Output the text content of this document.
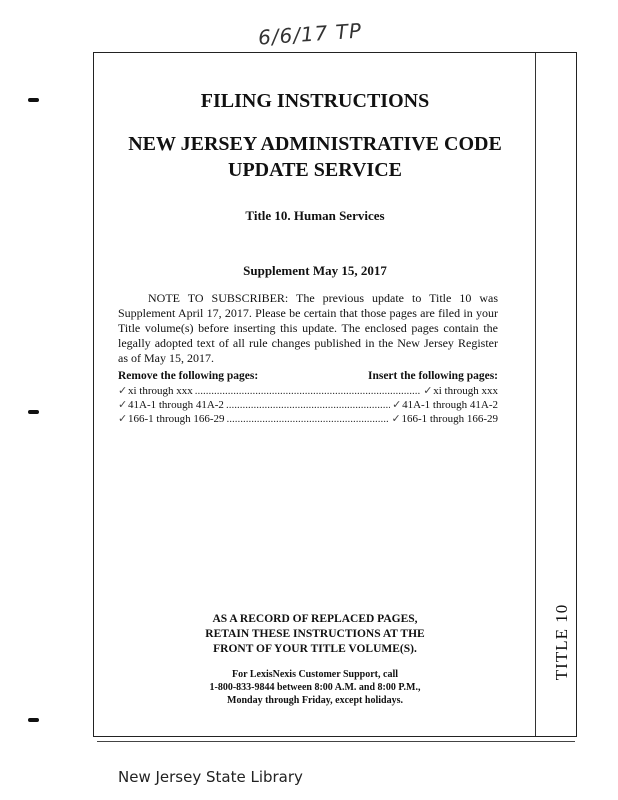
6/6/17 TP
TITLE 10
FILING INSTRUCTIONS
NEW JERSEY ADMINISTRATIVE CODE
UPDATE SERVICE
Title 10. Human Services
Supplement May 15, 2017

NOTE TO SUBSCRIBER: The previous update to Title 10 was Supplement April 17, 2017. Please be certain that those pages are filed in your Title volume(s) before inserting this update. The enclosed pages contain the legally adopted text of all rule changes published in the New Jersey Register as of May 15, 2017.

Remove the following pages:	Insert the following pages:
✓ xi through xxx .....	✓ xi through xxx
✓ 41A-1 through 41A-2 .....	✓ 41A-1 through 41A-2
✓ 166-1 through 166-29 .....	✓ 166-1 through 166-29
AS A RECORD OF REPLACED PAGES,
RETAIN THESE INSTRUCTIONS AT THE
FRONT OF YOUR TITLE VOLUME(S).
For LexisNexis Customer Support, call
1-800-833-9844 between 8:00 A.M. and 8:00 P.M.,
Monday through Friday, except holidays.
New Jersey State Library
